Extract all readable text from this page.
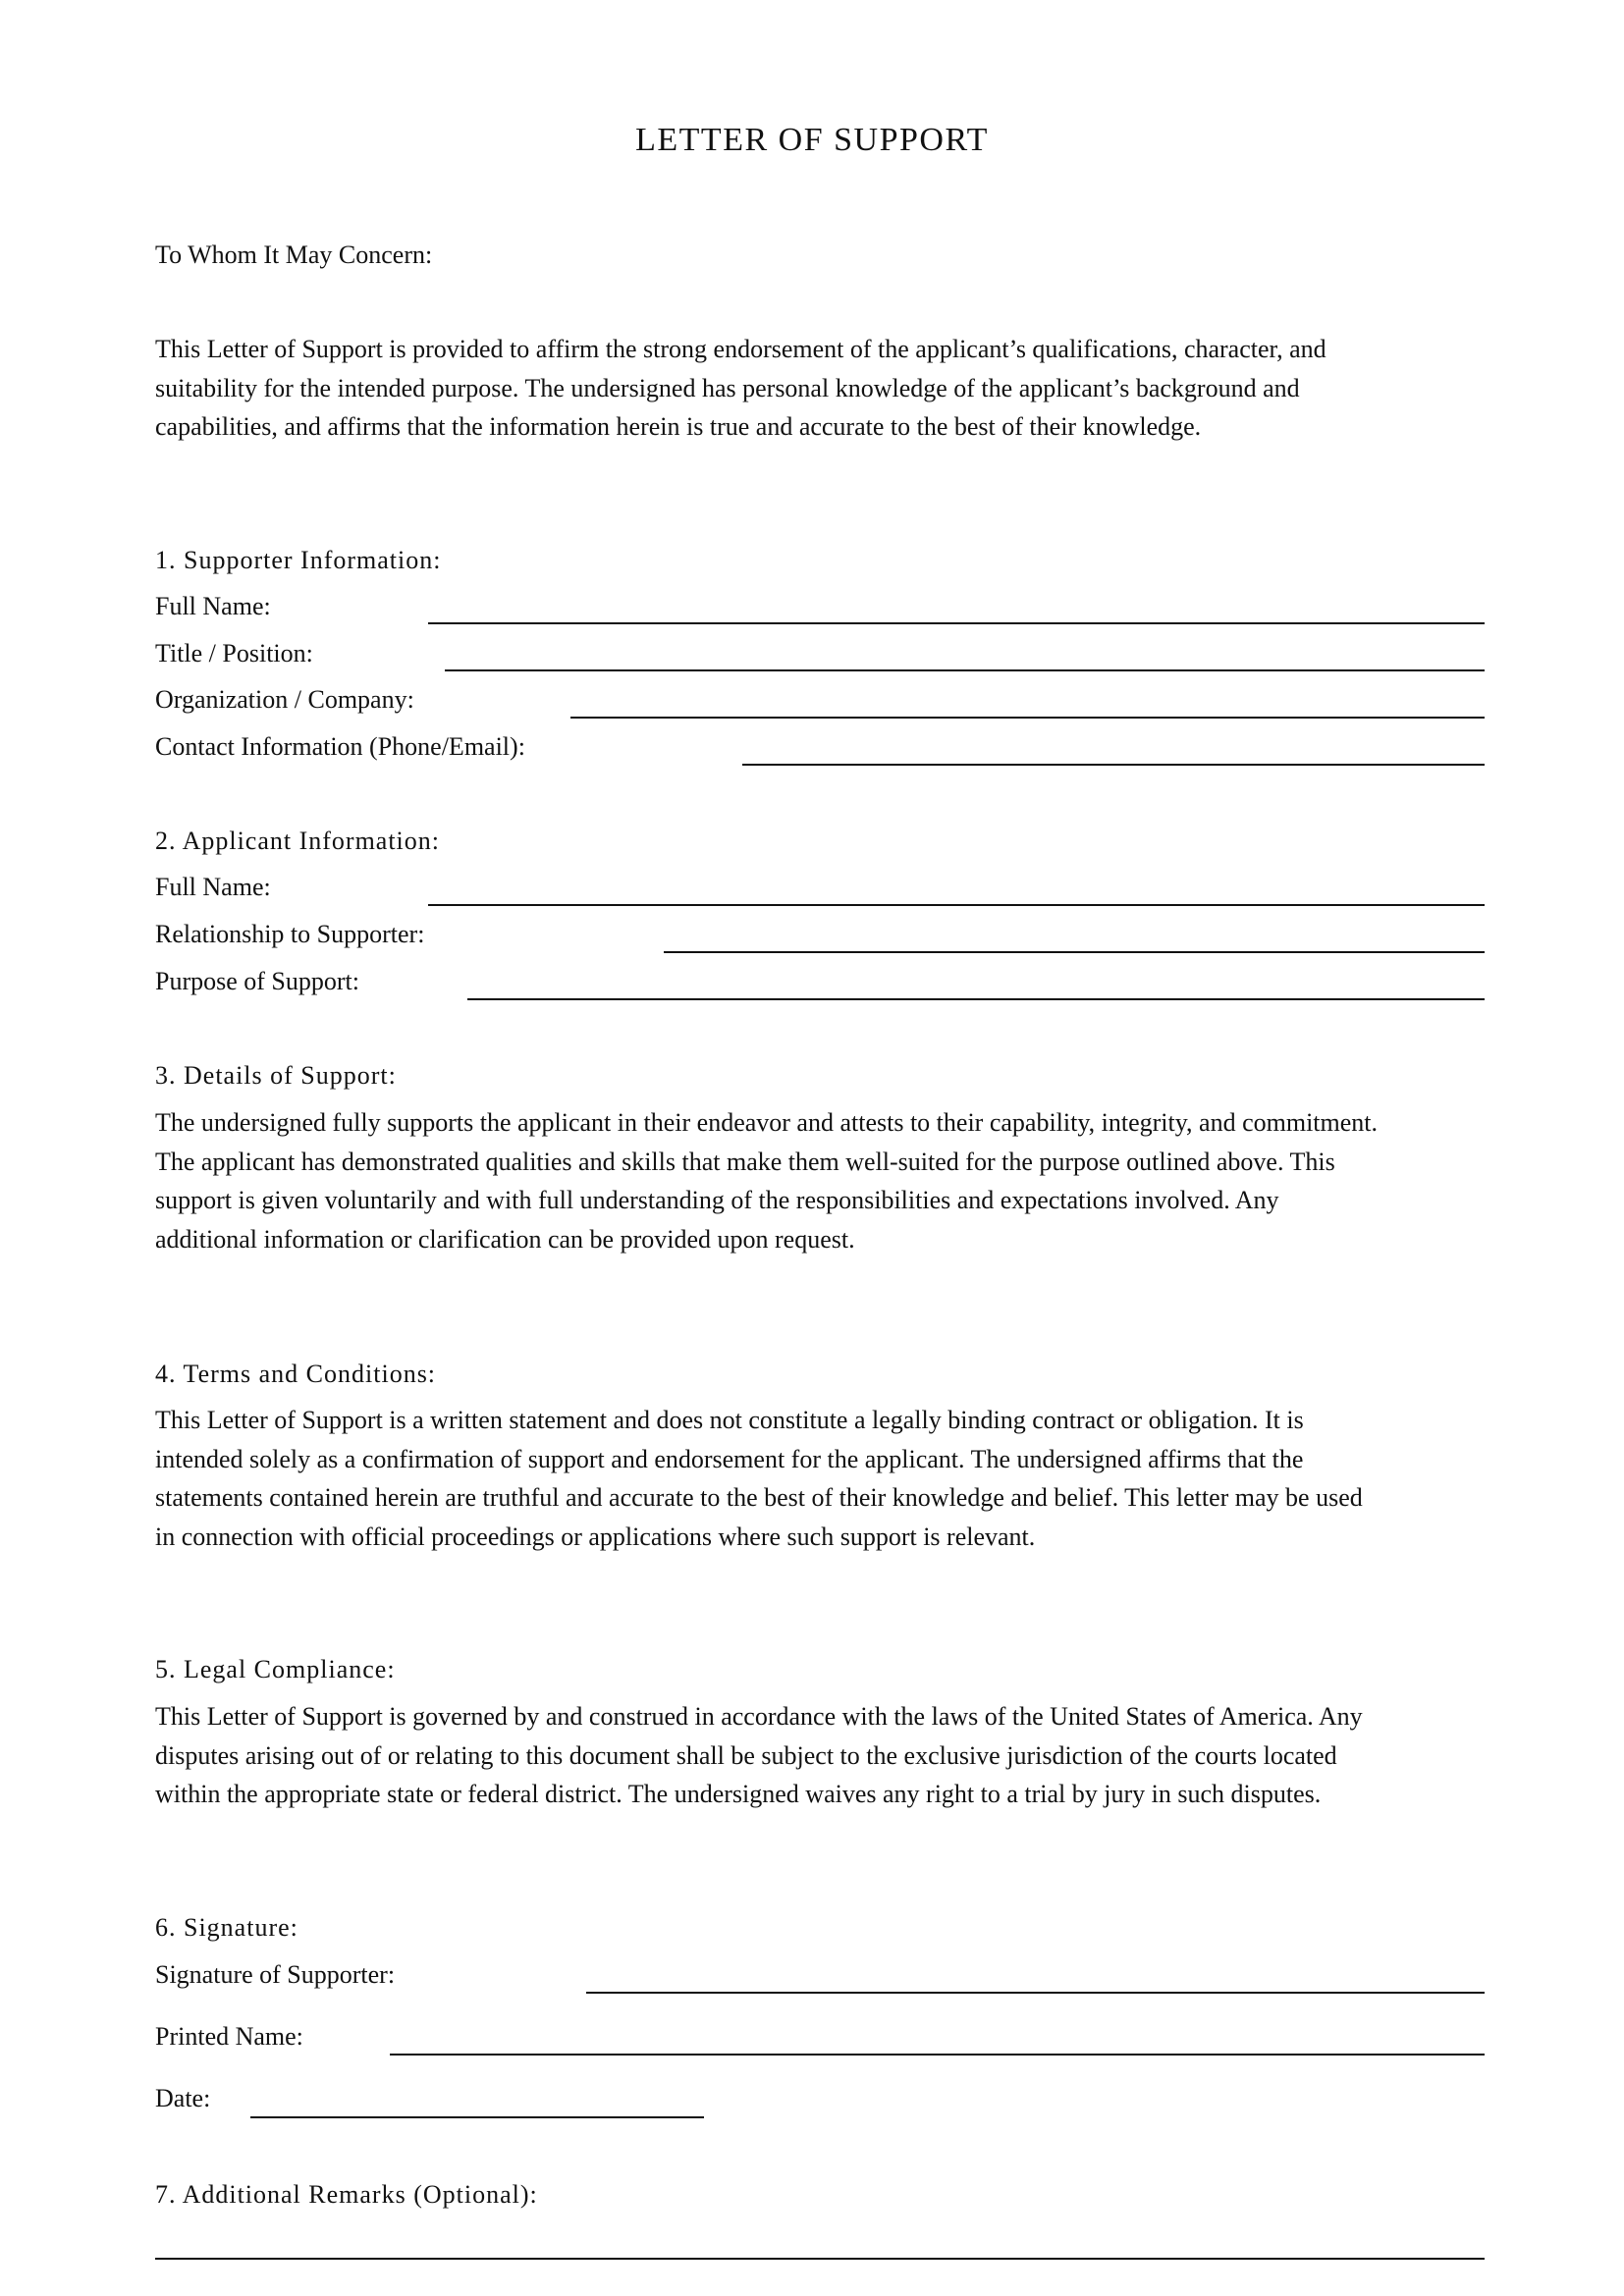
LETTER OF SUPPORT
To Whom It May Concern:
This Letter of Support is provided to affirm the strong endorsement of the applicant’s qualifications, character, and
suitability for the intended purpose. The undersigned has personal knowledge of the applicant’s background and
capabilities, and affirms that the information herein is true and accurate to the best of their knowledge.
1. Supporter Information:
Full Name:
Title / Position:
Organization / Company:
Contact Information (Phone/Email):
2. Applicant Information:
Full Name:
Relationship to Supporter:
Purpose of Support:
3. Details of Support:
The undersigned fully supports the applicant in their endeavor and attests to their capability, integrity, and commitment.
The applicant has demonstrated qualities and skills that make them well-suited for the purpose outlined above. This
support is given voluntarily and with full understanding of the responsibilities and expectations involved. Any
additional information or clarification can be provided upon request.
4. Terms and Conditions:
This Letter of Support is a written statement and does not constitute a legally binding contract or obligation. It is
intended solely as a confirmation of support and endorsement for the applicant. The undersigned affirms that the
statements contained herein are truthful and accurate to the best of their knowledge and belief. This letter may be used
in connection with official proceedings or applications where such support is relevant.
5. Legal Compliance:
This Letter of Support is governed by and construed in accordance with the laws of the United States of America. Any
disputes arising out of or relating to this document shall be subject to the exclusive jurisdiction of the courts located
within the appropriate state or federal district. The undersigned waives any right to a trial by jury in such disputes.
6. Signature:
Signature of Supporter:
Printed Name:
Date:
7. Additional Remarks (Optional):
